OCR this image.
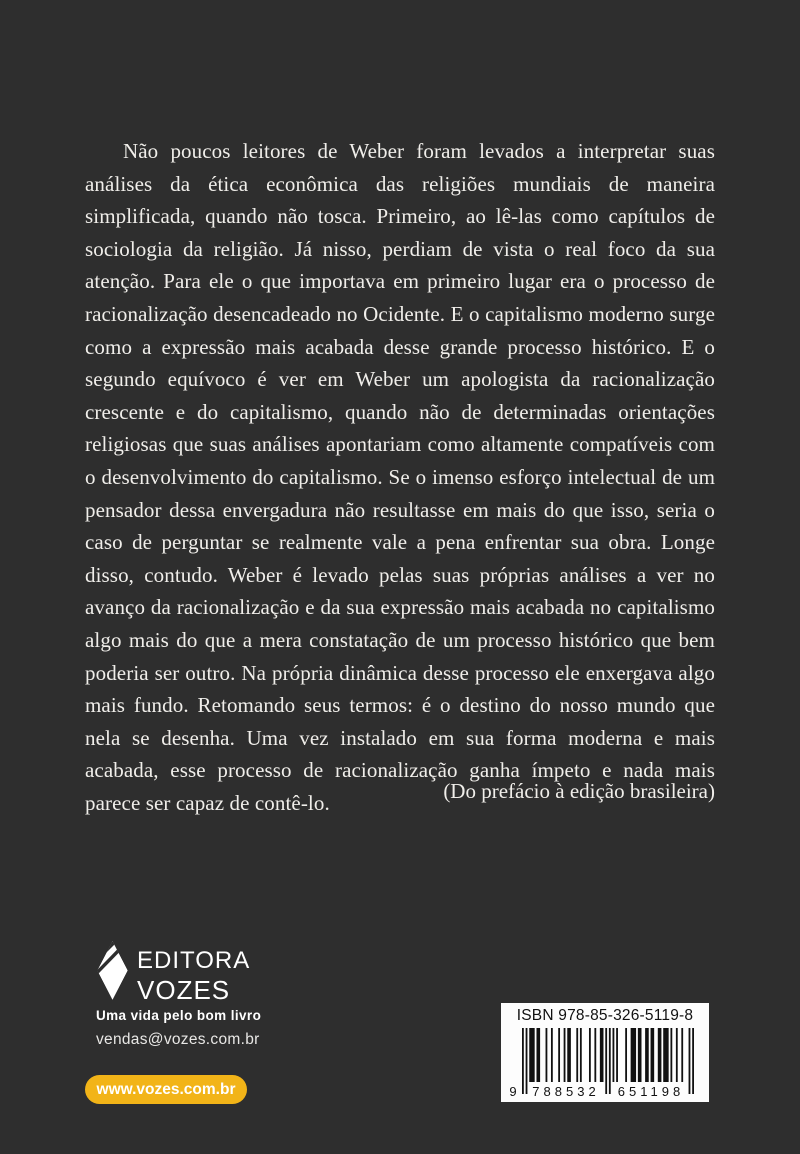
Não poucos leitores de Weber foram levados a interpretar suas análises da ética econômica das religiões mundiais de maneira simplificada, quando não tosca. Primeiro, ao lê-las como capítulos de sociologia da religião. Já nisso, perdiam de vista o real foco da sua atenção. Para ele o que importava em primeiro lugar era o processo de racionalização desencadeado no Ocidente. E o capitalismo moderno surge como a expressão mais acabada desse grande processo histórico. E o segundo equívoco é ver em Weber um apologista da racionalização crescente e do capitalismo, quando não de determinadas orientações religiosas que suas análises apontariam como altamente compatíveis com o desenvolvimento do capitalismo. Se o imenso esforço intelectual de um pensador dessa envergadura não resultasse em mais do que isso, seria o caso de perguntar se realmente vale a pena enfrentar sua obra. Longe disso, contudo. Weber é levado pelas suas próprias análises a ver no avanço da racionalização e da sua expressão mais acabada no capitalismo algo mais do que a mera constatação de um processo histórico que bem poderia ser outro. Na própria dinâmica desse processo ele enxergava algo mais fundo. Retomando seus termos: é o destino do nosso mundo que nela se desenha. Uma vez instalado em sua forma moderna e mais acabada, esse processo de racionalização ganha ímpeto e nada mais parece ser capaz de contê-lo.	(Do prefácio à edição brasileira)
EDITORA
VOZES
Uma vida pelo bom livro
vendas@vozes.com.br
www.vozes.com.br
ISBN 978-85-326-5119-8
9 788532 651198
